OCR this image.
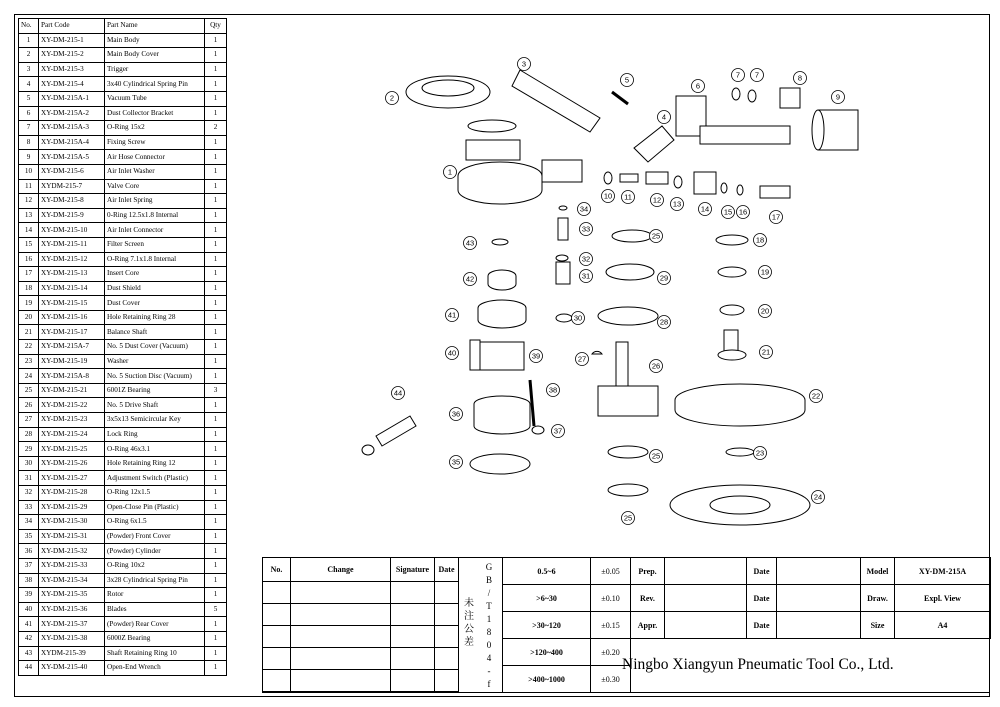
No.	Part Code	Part Name	Qty
1	XY-DM-215-1	Main Body	1
2	XY-DM-215-2	Main Body Cover	1
3	XY-DM-215-3	Trigger	1
4	XY-DM-215-4	3x40 Cylindrical Spring Pin	1
5	XY-DM-215A-1	Vacuum Tube	1
6	XY-DM-215A-2	Dust Collector Bracket	1
7	XY-DM-215A-3	O-Ring 15x2	2
8	XY-DM-215A-4	Fixing Screw	1
9	XY-DM-215A-5	Air Hose Connector	1
10	XY-DM-215-6	Air Inlet Washer	1
11	XYDM-215-7	Valve Core	1
12	XY-DM-215-8	Air Inlet Spring	1
13	XY-DM-215-9	0-Ring 12.5x1.8 Internal	1
14	XY-DM-215-10	Air Inlet Connector	1
15	XY-DM-215-11	Filter Screen	1
16	XY-DM-215-12	O-Ring 7.1x1.8 Internal	1
17	XY-DM-215-13	Insert Core	1
18	XY-DM-215-14	Dust Shield	1
19	XY-DM-215-15	Dust Cover	1
20	XY-DM-215-16	Hole Retaining Ring 28	1
21	XY-DM-215-17	Balance Shaft	1
22	XY-DM-215A-7	No. 5 Dust Cover (Vacuum)	1
23	XY-DM-215-19	Washer	1
24	XY-DM-215A-8	No. 5 Suction Disc (Vacuum)	1
25	XY-DM-215-21	6001Z Bearing	3
26	XY-DM-215-22	No. 5 Drive Shaft	1
27	XY-DM-215-23	3x5x13 Semicircular Key	1
28	XY-DM-215-24	Lock Ring	1
29	XY-DM-215-25	O-Ring 46x3.1	1
30	XY-DM-215-26	Hole Retaining Ring 12	1
31	XY-DM-215-27	Adjustment Switch (Plastic)	1
32	XY-DM-215-28	O-Ring 12x1.5	1
33	XY-DM-215-29	Open-Close Pin (Plastic)	1
34	XY-DM-215-30	O-Ring 6x1.5	1
35	XY-DM-215-31	(Powder) Front Cover	1
36	XY-DM-215-32	(Powder) Cylinder	1
37	XY-DM-215-33	O-Ring 10x2	1
38	XY-DM-215-34	3x28 Cylindrical Spring Pin	1
39	XY-DM-215-35	Rotor	1
40	XY-DM-215-36	Blades	5
41	XY-DM-215-37	(Powder) Rear Cover	1
42	XY-DM-215-38	6000Z Bearing	1
43	XYDM-215-39	Shaft Retaining Ring 10	1
44	XY-DM-215-40	Open-End Wrench	1
1
2
3
5
4
6
7 7	8
9
10 11	12 13
14 15 16
17
18
19
20
21
22
23
24
25
25
25
26
27
28
29
30
31
32
33
34
35
36
37
38
39
40
41
42
43
44
No.	Change	Signature	Date

未
注
公
差
G
B
/
T
1
8
0
4
-
f
0.5~6	±0.05
>6~30	±0.10
>30~120	±0.15
>120~400	±0.20
>400~1000	±0.30
Prep.		Date	
Rev.		Date	
Appr.		Date	
Model	XY-DM-215A
Draw.	Expl. View
Size	A4
Ningbo Xiangyun Pneumatic Tool Co., Ltd.
